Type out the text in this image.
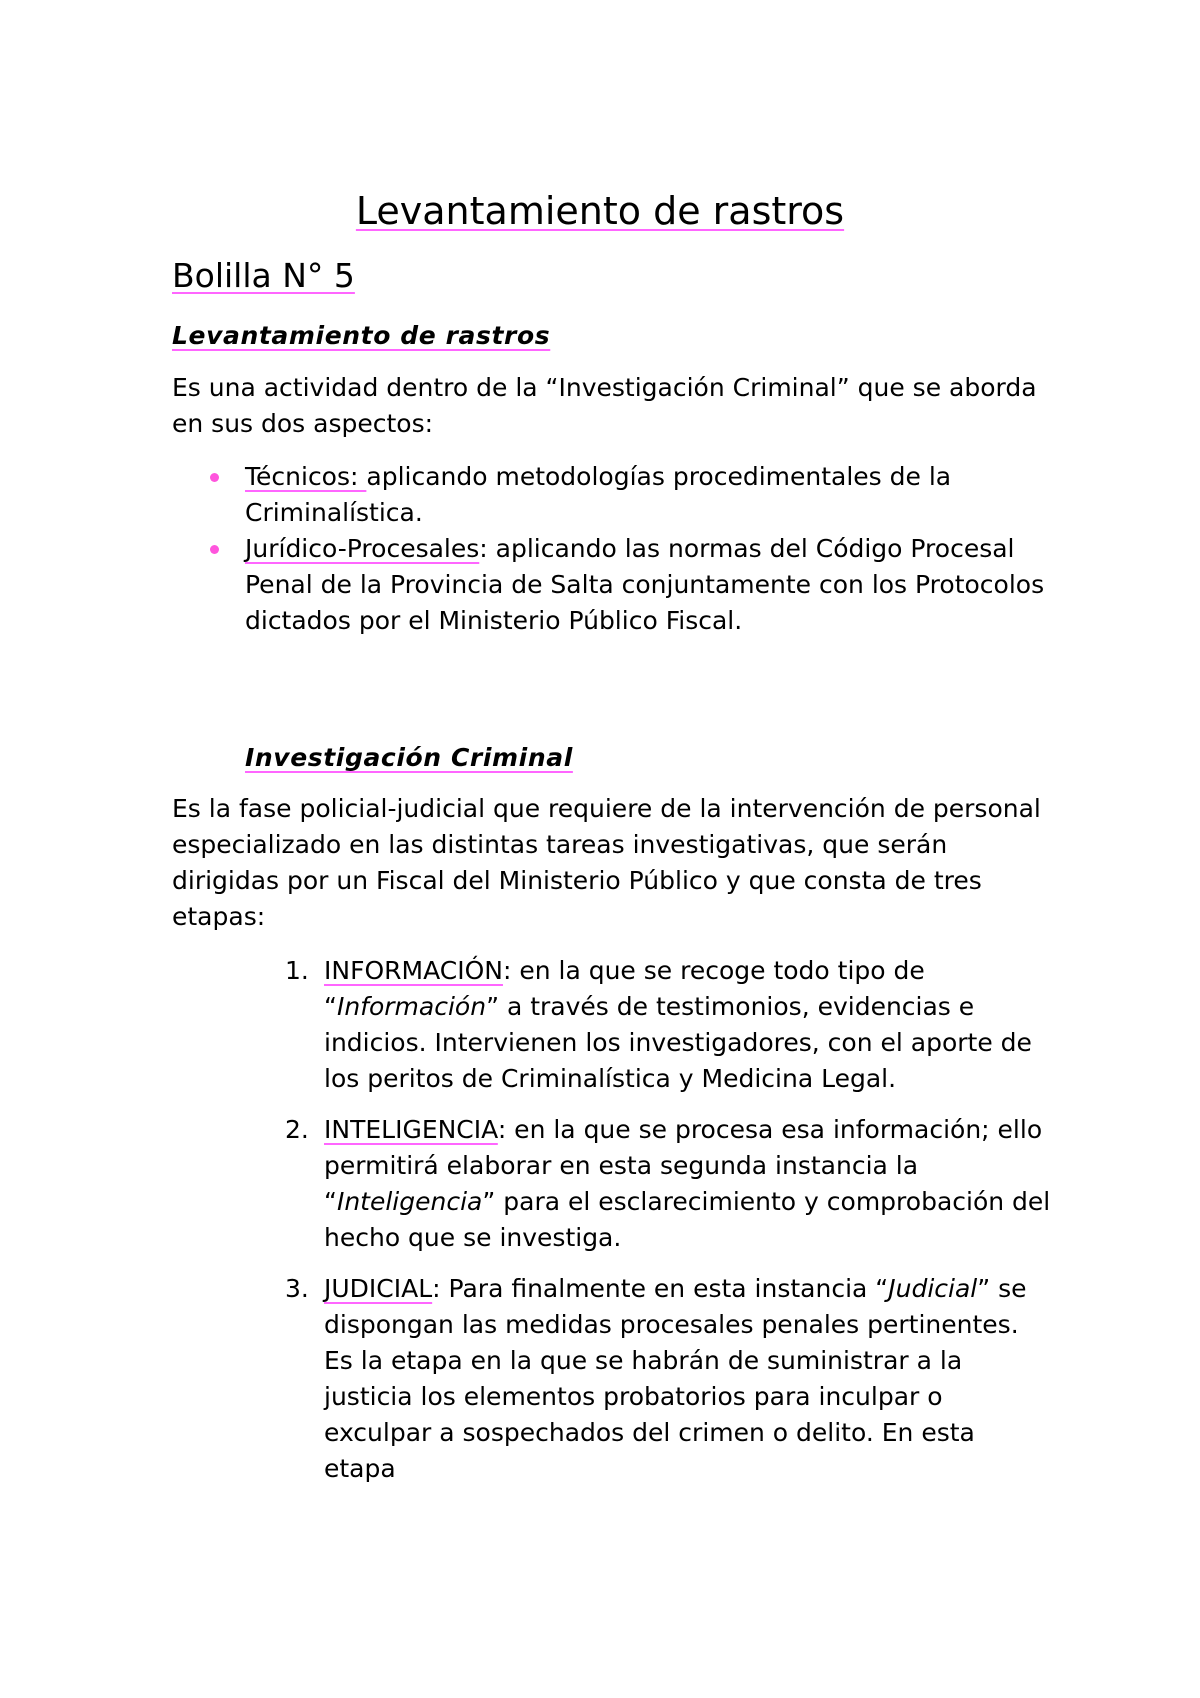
Levantamiento de rastros
Bolilla N° 5
Levantamiento de rastros

Es una actividad dentro de la “Investigación Criminal” que se aborda en sus dos aspectos:

Técnicos: aplicando metodologías procedimentales de la Criminalística.
Jurídico-Procesales: aplicando las normas del Código Procesal Penal de la Provincia de Salta conjuntamente con los Protocolos dictados por el Ministerio Público Fiscal.
Investigación Criminal

Es la fase policial-judicial que requiere de la intervención de personal especializado en las distintas tareas investigativas, que serán dirigidas por un Fiscal del Ministerio Público y que consta de tres etapas:

1. INFORMACIÓN: en la que se recoge todo tipo de “Información” a través de testimonios, evidencias e indicios. Intervienen los investigadores, con el aporte de los peritos de Criminalística y Medicina Legal.
2. INTELIGENCIA: en la que se procesa esa información; ello permitirá elaborar en esta segunda instancia la “Inteligencia” para el esclarecimiento y comprobación del hecho que se investiga.
3. JUDICIAL: Para finalmente en esta instancia “Judicial” se dispongan las medidas procesales penales pertinentes. Es la etapa en la que se habrán de suministrar a la justicia los elementos probatorios para inculpar o exculpar a sospechados del crimen o delito. En esta etapa
